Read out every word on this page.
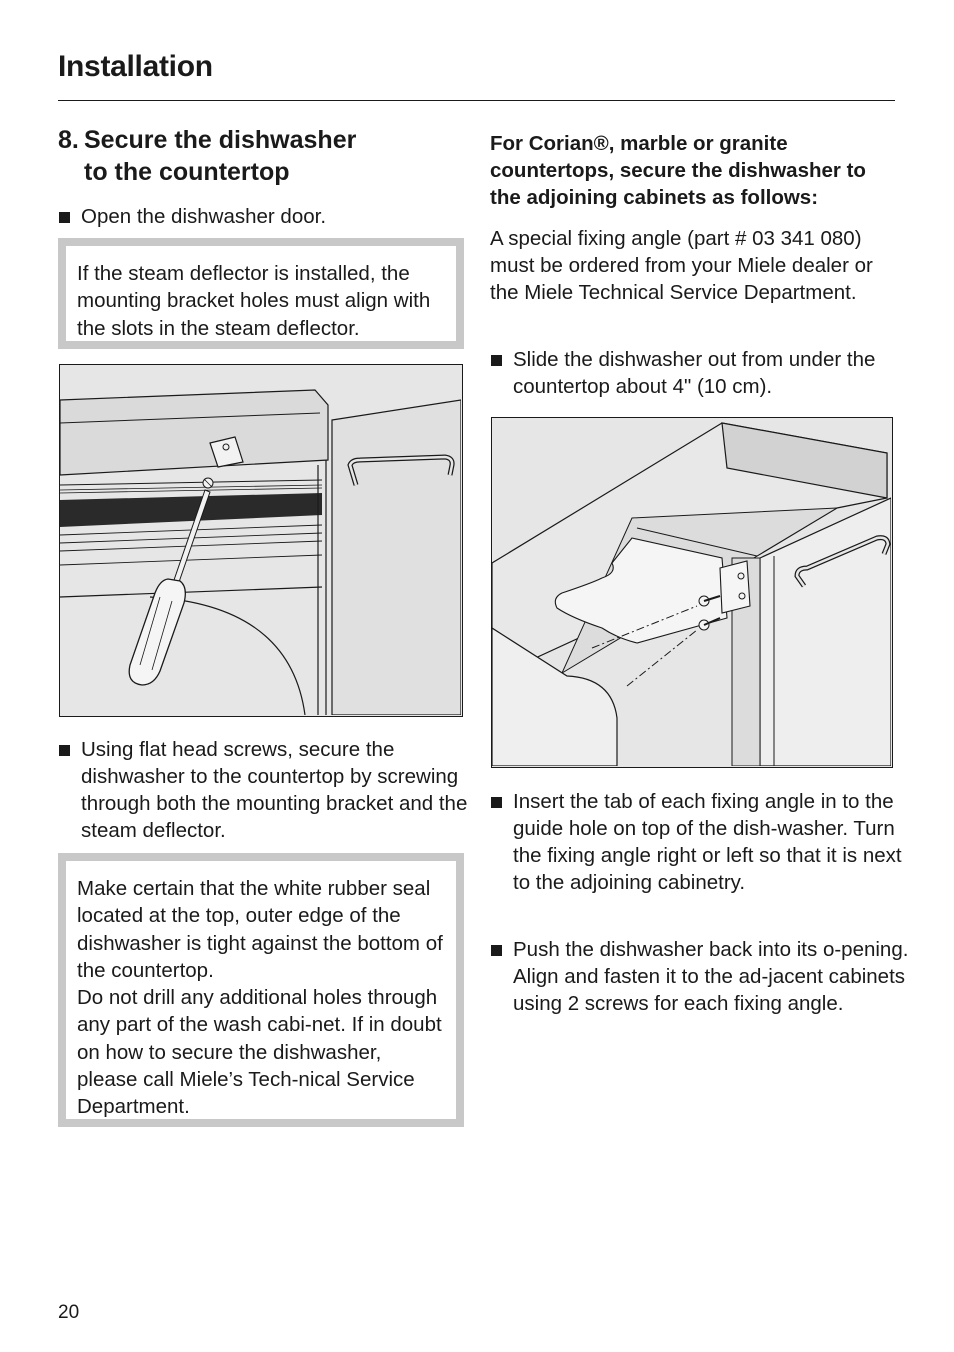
Installation
8. Secure the dishwasher
to the countertop
Open the dishwasher door.
If the steam deflector is installed, the mounting bracket holes must align with the slots in the steam deflector.
Using flat head screws, secure the dishwasher to the countertop by screwing through both the mounting bracket and the steam deflector.
Make certain that the white rubber seal located at the top, outer edge of the dishwasher is tight against the bottom of the countertop.
Do not drill any additional holes through any part of the wash cabi-net. If in doubt on how to secure the dishwasher, please call Miele’s Tech-nical Service Department.
For Corian®, marble or granite countertops, secure the dishwasher to the adjoining cabinets as follows:
A special fixing angle (part # 03 341 080) must be ordered from your Miele dealer or the Miele Technical Service Department.
Slide the dishwasher out from under the countertop about 4" (10 cm).
Insert the tab of each fixing angle in to the guide hole on top of the dish-washer. Turn the fixing angle right or left so that it is next to the adjoining cabinetry.
Push the dishwasher back into its o-pening. Align and fasten it to the ad-jacent cabinets using 2 screws for each fixing angle.
20
